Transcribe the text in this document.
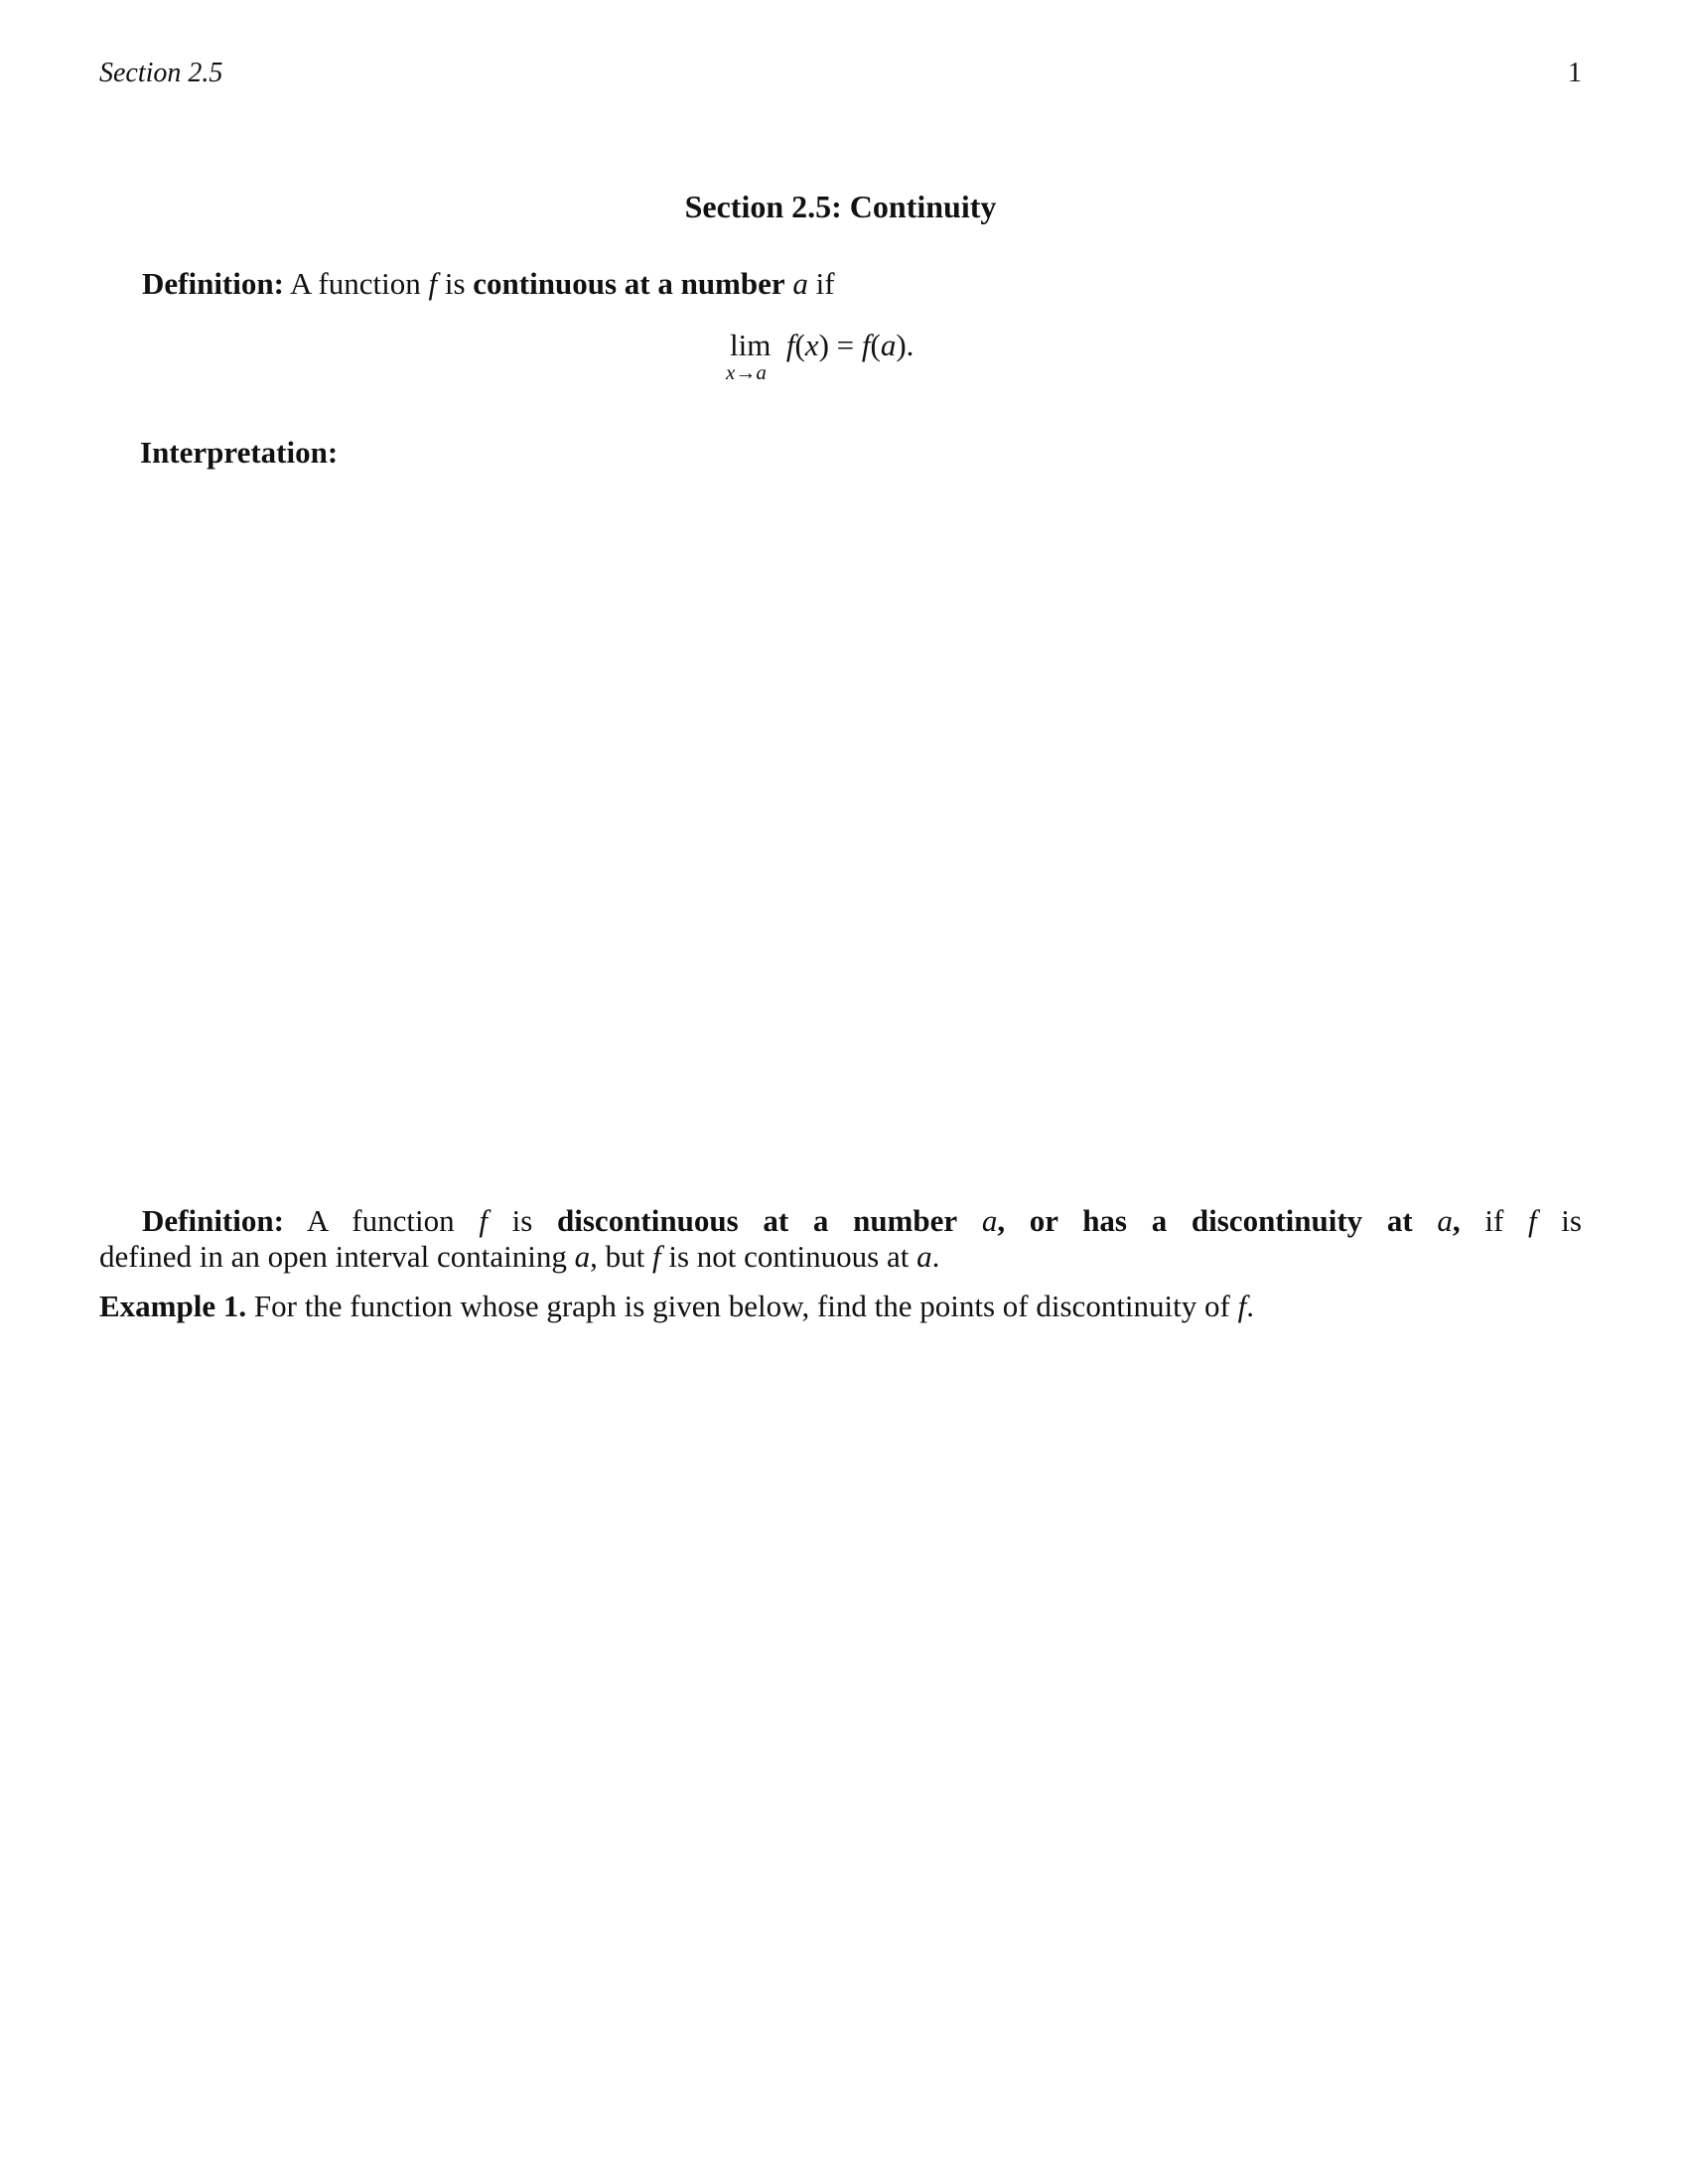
Section 2.5	1
Section 2.5: Continuity
Definition: A function f is continuous at a number a if
lim
x→a
f(x) = f(a).
Interpretation:
Definition: A function f is discontinuous at a number a, or has a discontinuity at a, if f is
defined in an open interval containing a, but f is not continuous at a.
Example 1. For the function whose graph is given below, find the points of discontinuity of f.
